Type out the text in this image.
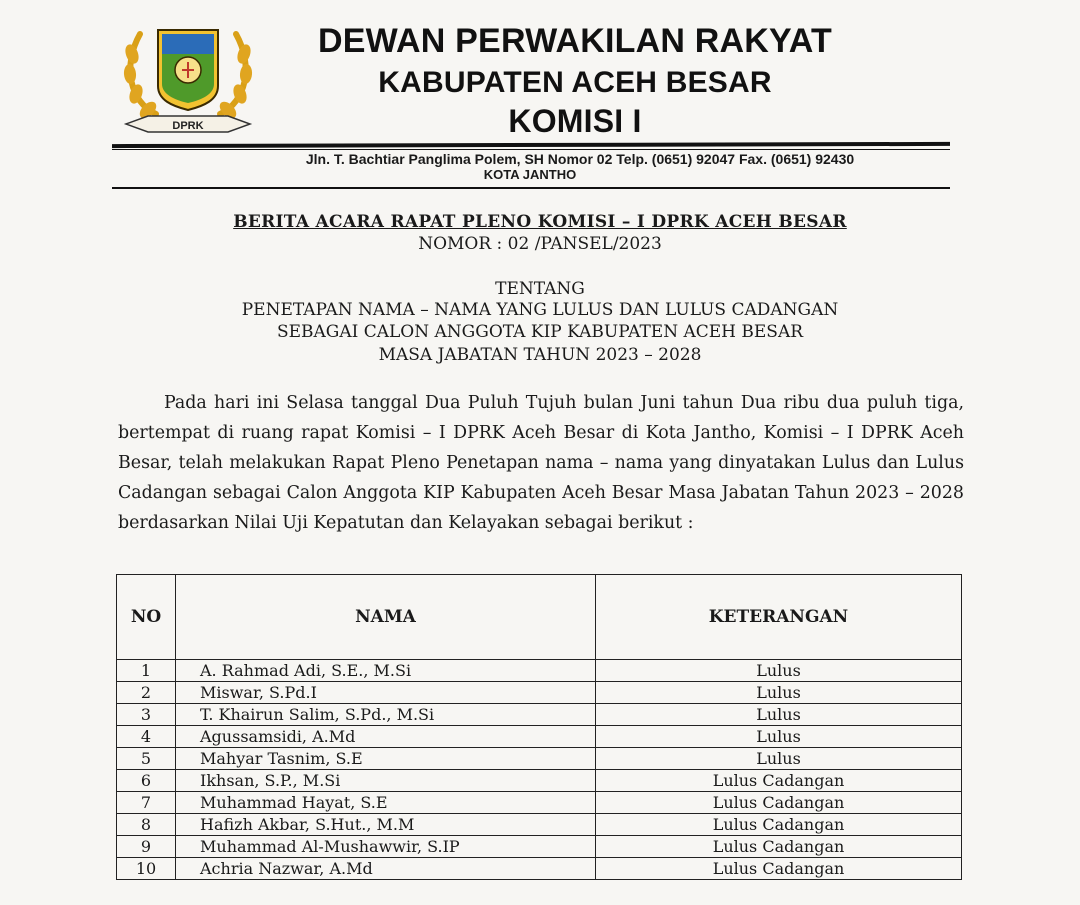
DPRK
DEWAN PERWAKILAN RAKYAT
KABUPATEN ACEH BESAR
KOMISI I
Jln. T. Bachtiar Panglima Polem, SH Nomor 02 Telp. (0651) 92047 Fax. (0651) 92430
KOTA JANTHO
BERITA ACARA RAPAT PLENO KOMISI – I DPRK ACEH BESAR
NOMOR : 02 /PANSEL/2023
TENTANG
PENETAPAN NAMA – NAMA YANG LULUS DAN LULUS CADANGAN
SEBAGAI CALON ANGGOTA KIP KABUPATEN ACEH BESAR
MASA JABATAN TAHUN 2023 – 2028
Pada hari ini Selasa tanggal Dua Puluh Tujuh bulan Juni tahun Dua ribu dua puluh tiga, bertempat di ruang rapat Komisi – I DPRK Aceh Besar di Kota Jantho, Komisi – I DPRK Aceh Besar, telah melakukan Rapat Pleno Penetapan nama – nama yang dinyatakan Lulus dan Lulus Cadangan sebagai Calon Anggota KIP Kabupaten Aceh Besar Masa Jabatan Tahun 2023 – 2028 berdasarkan Nilai Uji Kepatutan dan Kelayakan sebagai berikut :
NO	NAMA	KETERANGAN
1	A. Rahmad Adi, S.E., M.Si	Lulus
2	Miswar, S.Pd.I	Lulus
3	T. Khairun Salim, S.Pd., M.Si	Lulus
4	Agussamsidi, A.Md	Lulus
5	Mahyar Tasnim, S.E	Lulus
6	Ikhsan, S.P., M.Si	Lulus Cadangan
7	Muhammad Hayat, S.E	Lulus Cadangan
8	Hafizh Akbar, S.Hut., M.M	Lulus Cadangan
9	Muhammad Al-Mushawwir, S.IP	Lulus Cadangan
10	Achria Nazwar, A.Md	Lulus Cadangan
